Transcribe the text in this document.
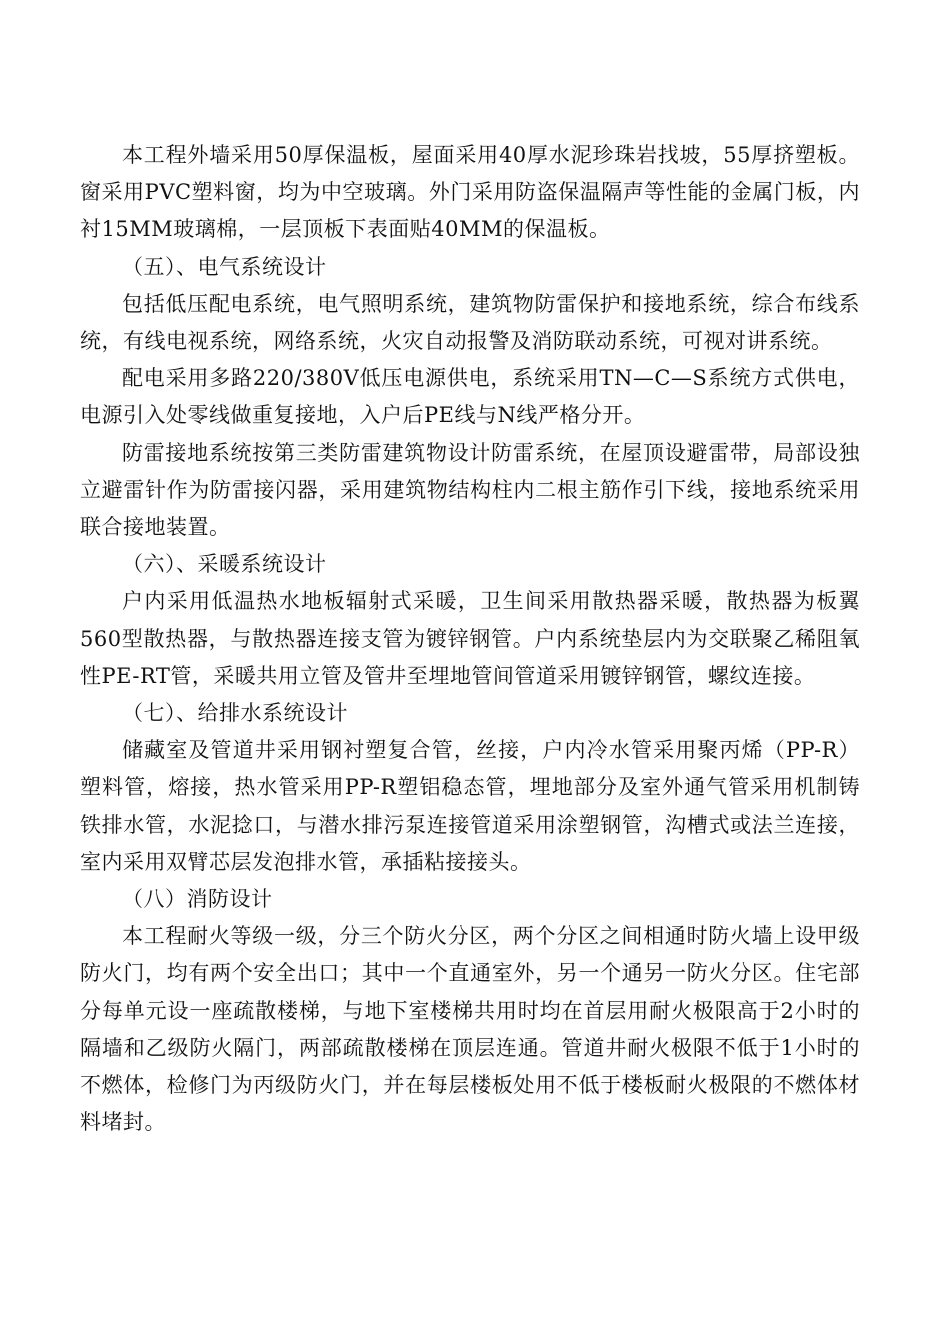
本工程外墙采用50厚保温板，屋面采用40厚水泥珍珠岩找坡，55厚挤塑板。窗采用PVC塑料窗，均为中空玻璃。外门采用防盗保温隔声等性能的金属门板，内衬15MM玻璃棉，一层顶板下表面贴40MM的保温板。

（五）、电气系统设计

包括低压配电系统，电气照明系统，建筑物防雷保护和接地系统，综合布线系统，有线电视系统，网络系统，火灾自动报警及消防联动系统，可视对讲系统。

配电采用多路220/380V低压电源供电，系统采用TN—C—S系统方式供电，电源引入处零线做重复接地，入户后PE线与N线严格分开。

防雷接地系统按第三类防雷建筑物设计防雷系统，在屋顶设避雷带，局部设独立避雷针作为防雷接闪器，采用建筑物结构柱内二根主筋作引下线，接地系统采用联合接地装置。

（六）、采暖系统设计

户内采用低温热水地板辐射式采暖，卫生间采用散热器采暖，散热器为板翼560型散热器，与散热器连接支管为镀锌钢管。户内系统垫层内为交联聚乙稀阻氧性PE-RT管，采暖共用立管及管井至埋地管间管道采用镀锌钢管，螺纹连接。

（七）、给排水系统设计

储藏室及管道井采用钢衬塑复合管，丝接，户内冷水管采用聚丙烯（PP-R）塑料管，熔接，热水管采用PP-R塑铝稳态管，埋地部分及室外通气管采用机制铸铁排水管，水泥捻口，与潜水排污泵连接管道采用涂塑钢管，沟槽式或法兰连接，室内采用双臂芯层发泡排水管，承插粘接接头。

（八）消防设计

本工程耐火等级一级，分三个防火分区，两个分区之间相通时防火墙上设甲级防火门，均有两个安全出口；其中一个直通室外，另一个通另一防火分区。住宅部分每单元设一座疏散楼梯，与地下室楼梯共用时均在首层用耐火极限高于2小时的隔墙和乙级防火隔门，两部疏散楼梯在顶层连通。管道井耐火极限不低于1小时的不燃体，检修门为丙级防火门，并在每层楼板处用不低于楼板耐火极限的不燃体材料堵封。
